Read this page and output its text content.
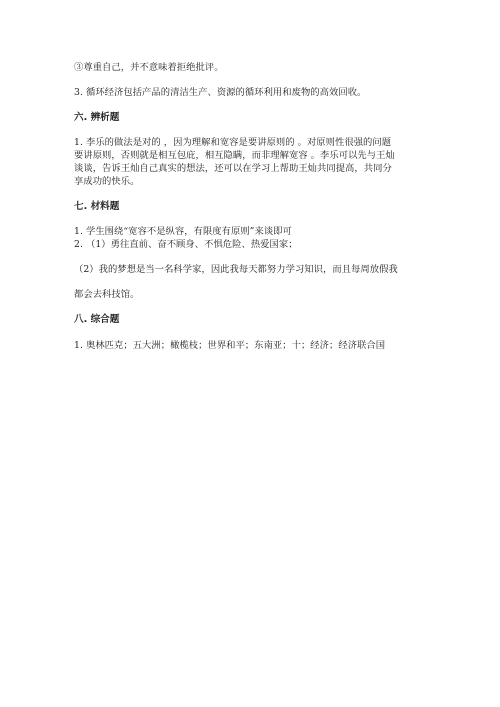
③尊重自己，并不意味着拒绝批评。
3. 循环经济包括产品的清洁生产、资源的循环利用和废物的高效回收。
六. 辨析题
1. 李乐的做法是对的 ，因为理解和宽容是要讲原则的 。对原则性很强的问题
要讲原则，否则就是相互包庇，相互隐瞒，而非理解宽容 。李乐可以先与王灿
谈谈，告诉王灿自己真实的想法，还可以在学习上帮助王灿共同提高，共同分
享成功的快乐。
七. 材料题
1. 学生围绕“宽容不是纵容，有限度有原则”来谈即可
2. （1）勇往直前、奋不顾身、不惧危险、热爱国家；
（2）我的梦想是当一名科学家，因此我每天都努力学习知识，而且每周放假我
都会去科技馆。
八. 综合题
1. 奥林匹克；五大洲；橄榄枝；世界和平；东南亚；十；经济；经济联合国
